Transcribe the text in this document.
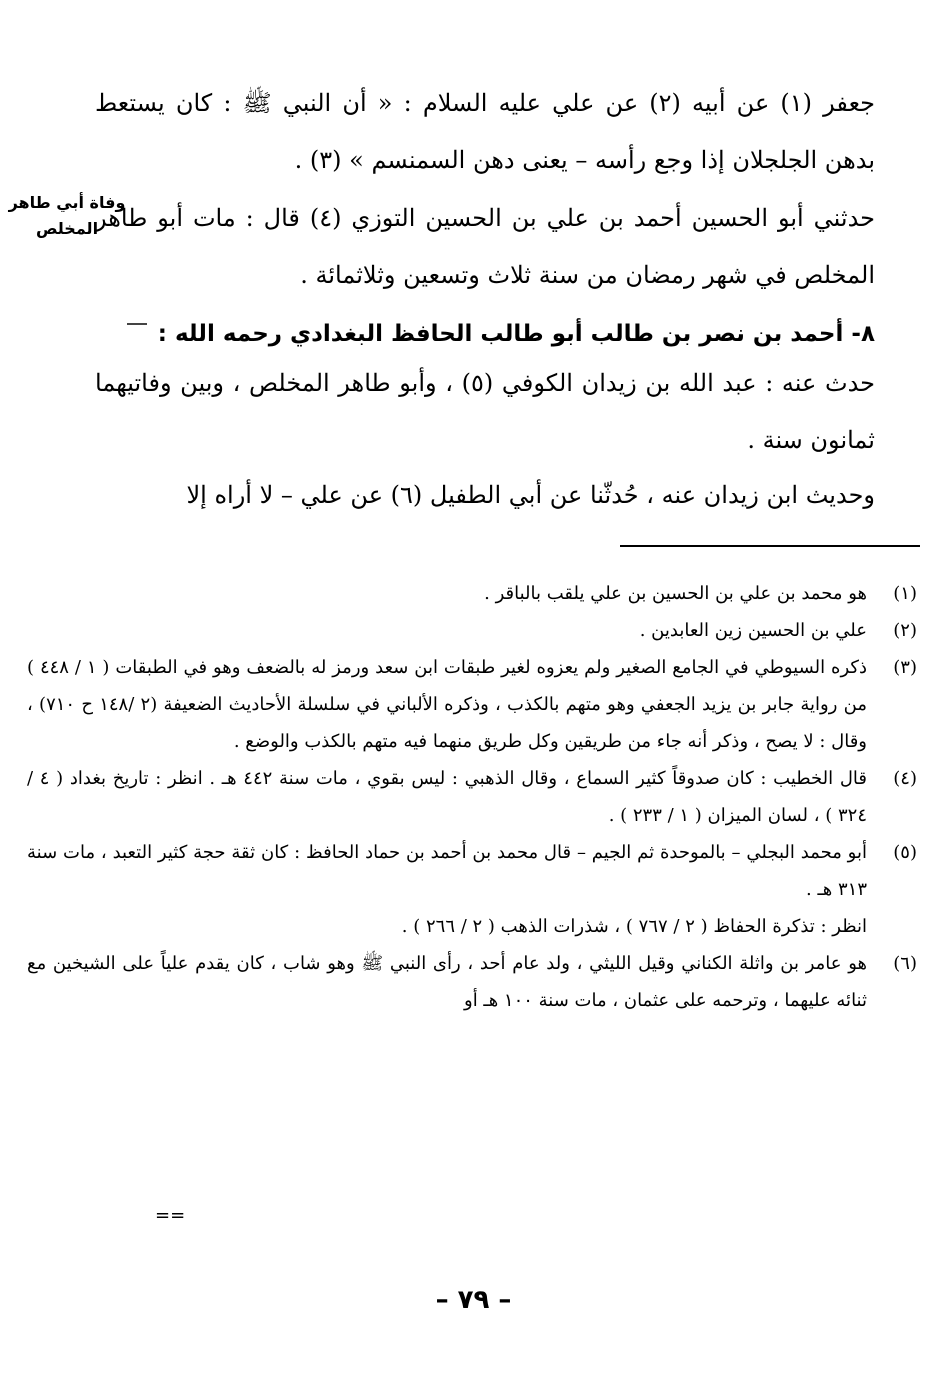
جعفر (١) عن أبيه (٢) عن علي عليه السلام : « أن النبي ﷺ : كان يستعط بدهن الجلجلان إذا وجع رأسه – يعنى دهن السمنسم » (٣) .
وفاة أبي طاهر المخلص
حدثني أبو الحسين أحمد بن علي بن الحسين التوزي (٤) قال : مات أبو طاهر المخلص في شهر رمضان من سنة ثلاث وتسعين وثلاثمائة .
٨- أحمد بن نصر بن طالب أبو طالب الحافظ البغدادي رحمه الله :
حدث عنه : عبد الله بن زيدان الكوفي (٥) ، وأبو طاهر المخلص ، وبين وفاتيهما ثمانون سنة .
وحديث ابن زيدان عنه ، حُدثّنا عن أبي الطفيل (٦) عن علي – لا أراه إلا
(١)

هو محمد بن علي بن الحسين بن علي يلقب بالباقر .

(٢)

علي بن الحسين زين العابدين .

(٣)

ذكره السيوطي في الجامع الصغير ولم يعزوه لغير طبقات ابن سعد ورمز له بالضعف وهو في الطبقات ( ١ / ٤٤٨ ) من رواية جابر بن يزيد الجعفي وهو متهم بالكذب ، وذكره الألباني في سلسلة الأحاديث الضعيفة (٢ /١٤٨ ح ٧١٠) ، وقال : لا يصح ، وذكر أنه جاء من طريقين وكل طريق منهما فيه متهم بالكذب والوضع .

(٤)

قال الخطيب : كان صدوقاً كثير السماع ، وقال الذهبي : ليس بقوي ، مات سنة ٤٤٢ هـ . انظر : تاريخ بغداد ( ٤ / ٣٢٤ ) ، لسان الميزان ( ١ / ٢٣٣ ) .

(٥)

أبو محمد البجلي – بالموحدة ثم الجيم – قال محمد بن أحمد بن حماد الحافظ : كان ثقة حجة كثير التعبد ، مات سنة ٣١٣ هـ .

انظر : تذكرة الحفاظ ( ٢ / ٧٦٧ ) ، شذرات الذهب ( ٢ / ٢٦٦ ) .

(٦)

هو عامر بن واثلة الكناني وقيل الليثي ، ولد عام أحد ، رأى النبي ﷺ وهو شاب ، كان يقدم علياً على الشيخين مع ثنائه عليهما ، وترحمه على عثمان ، مات سنة ١٠٠ هـ أو

==
– ٧٩ –
